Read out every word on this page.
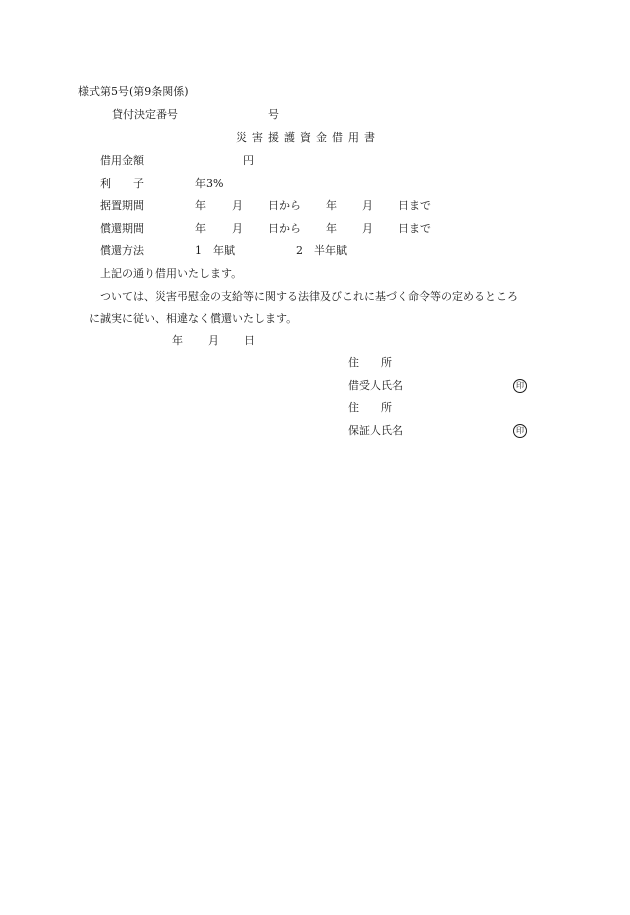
様式第5号(第9条関係)
貸付決定番号	号
災害援護資金借用書
借用金額	円
利　　子	年3%
据置期間	年 月 日から 年 月 日まで
償還期間	年 月 日から 年 月 日まで
償還方法	1　年賦	2　半年賦
上記の通り借用いたします。
ついては、災害弔慰金の支給等に関する法律及びこれに基づく命令等の定めるところ
に誠実に従い、相違なく償還いたします。
年 月 日
住　　所
借受人氏名	印
住　　所
保証人氏名	印
